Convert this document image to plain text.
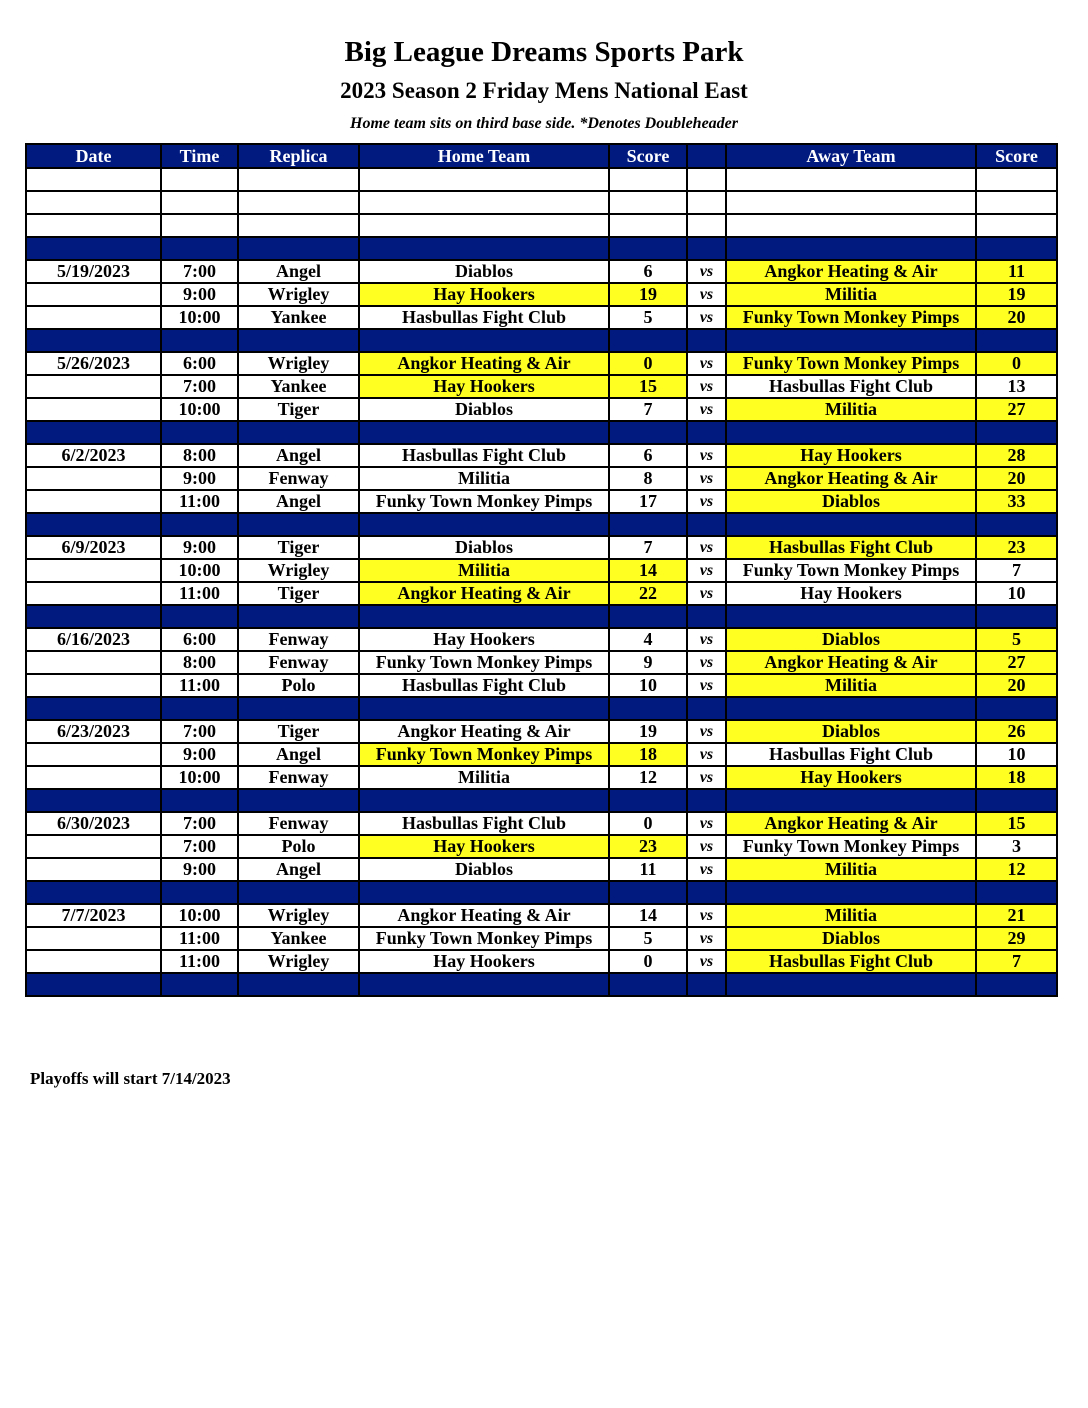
Big League Dreams Sports Park
2023 Season 2 Friday Mens National East
Home team sits on third base side. *Denotes Doubleheader
Date	Time	Replica	Home Team	Score		Away Team	Score

5/19/2023	7:00	Angel	Diablos	6	vs	Angkor Heating & Air	11
	9:00	Wrigley	Hay Hookers	19	vs	Militia	19
	10:00	Yankee	Hasbullas Fight Club	5	vs	Funky Town Monkey Pimps	20

5/26/2023	6:00	Wrigley	Angkor Heating & Air	0	vs	Funky Town Monkey Pimps	0
	7:00	Yankee	Hay Hookers	15	vs	Hasbullas Fight Club	13
	10:00	Tiger	Diablos	7	vs	Militia	27

6/2/2023	8:00	Angel	Hasbullas Fight Club	6	vs	Hay Hookers	28
	9:00	Fenway	Militia	8	vs	Angkor Heating & Air	20
	11:00	Angel	Funky Town Monkey Pimps	17	vs	Diablos	33

6/9/2023	9:00	Tiger	Diablos	7	vs	Hasbullas Fight Club	23
	10:00	Wrigley	Militia	14	vs	Funky Town Monkey Pimps	7
	11:00	Tiger	Angkor Heating & Air	22	vs	Hay Hookers	10

6/16/2023	6:00	Fenway	Hay Hookers	4	vs	Diablos	5
	8:00	Fenway	Funky Town Monkey Pimps	9	vs	Angkor Heating & Air	27
	11:00	Polo	Hasbullas Fight Club	10	vs	Militia	20

6/23/2023	7:00	Tiger	Angkor Heating & Air	19	vs	Diablos	26
	9:00	Angel	Funky Town Monkey Pimps	18	vs	Hasbullas Fight Club	10
	10:00	Fenway	Militia	12	vs	Hay Hookers	18

6/30/2023	7:00	Fenway	Hasbullas Fight Club	0	vs	Angkor Heating & Air	15
	7:00	Polo	Hay Hookers	23	vs	Funky Town Monkey Pimps	3
	9:00	Angel	Diablos	11	vs	Militia	12

7/7/2023	10:00	Wrigley	Angkor Heating & Air	14	vs	Militia	21
	11:00	Yankee	Funky Town Monkey Pimps	5	vs	Diablos	29
	11:00	Wrigley	Hay Hookers	0	vs	Hasbullas Fight Club	7

Playoffs will start 7/14/2023
